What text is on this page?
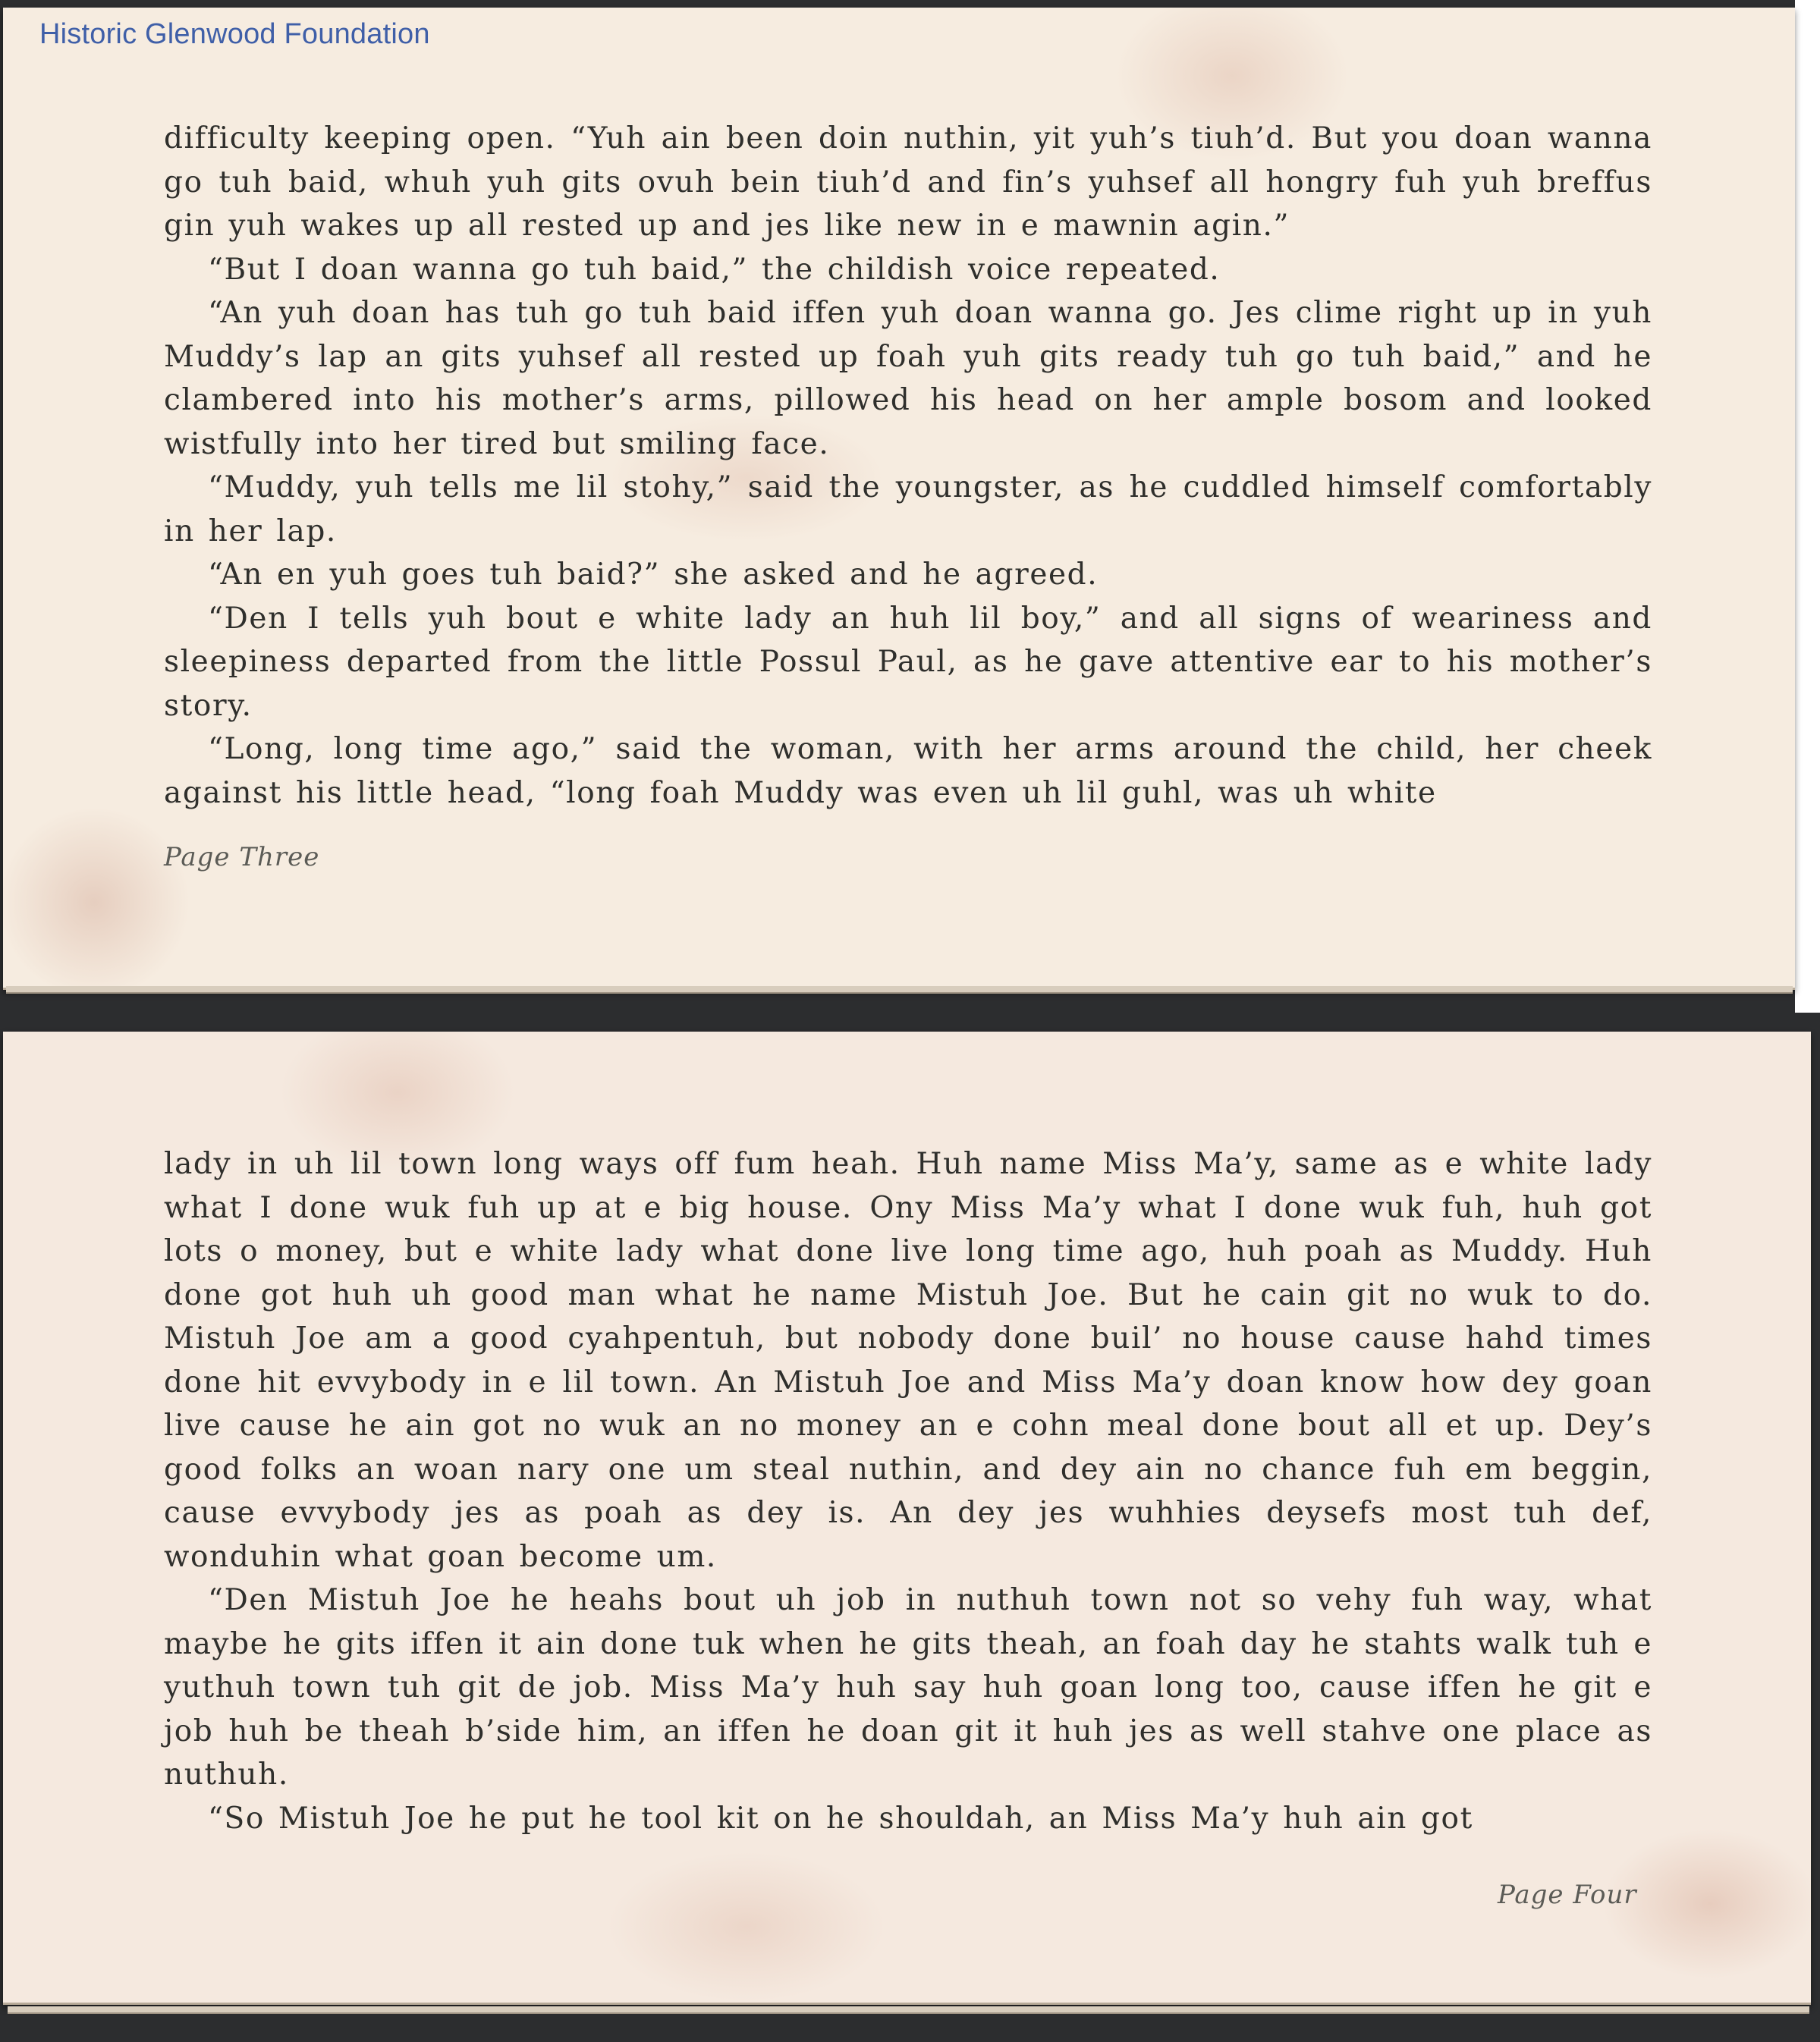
difficulty keeping open. “Yuh ain been doin nuthin, yit yuh’s tiuh’d. But you doan wanna go tuh baid, whuh yuh gits ovuh bein tiuh’d and fin’s yuhsef all hongry fuh yuh breffus gin yuh wakes up all rested up and jes like new in e mawnin agin.”

“But I doan wanna go tuh baid,” the childish voice repeated.

“An yuh doan has tuh go tuh baid iffen yuh doan wanna go. Jes clime right up in yuh Muddy’s lap an gits yuhsef all rested up foah yuh gits ready tuh go tuh baid,” and he clambered into his mother’s arms, pillowed his head on her ample bosom and looked wistfully into her tired but smiling face.

“Muddy, yuh tells me lil stohy,” said the youngster, as he cuddled himself comfortably in her lap.

“An en yuh goes tuh baid?” she asked and he agreed.

“Den I tells yuh bout e white lady an huh lil boy,” and all signs of weariness and sleepiness departed from the little Possul Paul, as he gave attentive ear to his mother’s story.

“Long, long time ago,” said the woman, with her arms around the child, her cheek against his little head, “long foah Muddy was even uh lil guhl, was uh white

Page Three

lady in uh lil town long ways off fum heah. Huh name Miss Ma’y, same as e white lady what I done wuk fuh up at e big house. Ony Miss Ma’y what I done wuk fuh, huh got lots o money, but e white lady what done live long time ago, huh poah as Muddy. Huh done got huh uh good man what he name Mistuh Joe. But he cain git no wuk to do. Mistuh Joe am a good cyahpentuh, but nobody done buil’ no house cause hahd times done hit evvybody in e lil town. An Mistuh Joe and Miss Ma’y doan know how dey goan live cause he ain got no wuk an no money an e cohn meal done bout all et up. Dey’s good folks an woan nary one um steal nuthin, and dey ain no chance fuh em beggin, cause evvybody jes as poah as dey is. An dey jes wuhhies deysefs most tuh def, wonduhin what goan become um.

“Den Mistuh Joe he heahs bout uh job in nuthuh town not so vehy fuh way, what maybe he gits iffen it ain done tuk when he gits theah, an foah day he stahts walk tuh e yuthuh town tuh git de job. Miss Ma’y huh say huh goan long too, cause iffen he git e job huh be theah b’side him, an iffen he doan git it huh jes as well stahve one place as nuthuh.

“So Mistuh Joe he put he tool kit on he shouldah, an Miss Ma’y huh ain got

Page Four
Historic Glenwood Foundation
